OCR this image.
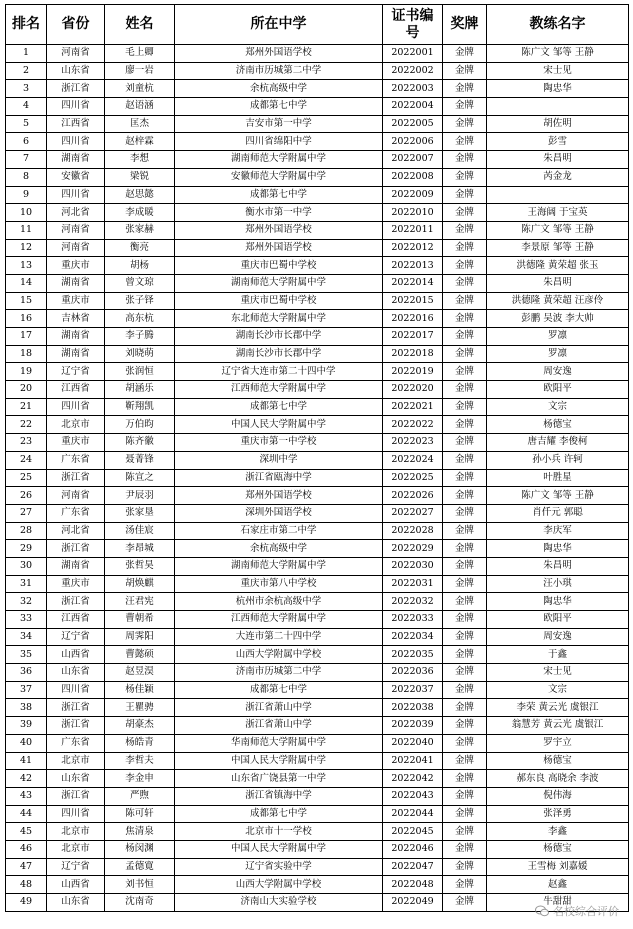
排名	省份	姓名	所在中学	证书编号	奖牌	教练名字
1	河南省	毛上卿	郑州外国语学校	2022001	金牌	陈广文 邹等 王静
2	山东省	廖一岩	济南市历城第二中学	2022002	金牌	宋士见
3	浙江省	刘童杭	余杭高级中学	2022003	金牌	陶忠华
4	四川省	赵语涵	成都第七中学	2022004	金牌	
5	江西省	匡杰	吉安市第一中学	2022005	金牌	胡佐明
6	四川省	赵梓霖	四川省绵阳中学	2022006	金牌	彭雪
7	湖南省	李想	湖南师范大学附属中学	2022007	金牌	朱昌明
8	安徽省	梁锐	安徽师范大学附属中学	2022008	金牌	芮金龙
9	四川省	赵思懿	成都第七中学	2022009	金牌	
10	河北省	李成暖	衡水市第一中学	2022010	金牌	王海阔 于宝英
11	河南省	张家赫	郑州外国语学校	2022011	金牌	陈广文 邹等 王静
12	河南省	衡亮	郑州外国语学校	2022012	金牌	李景原 邹等 王静
13	重庆市	胡杨	重庆市巴蜀中学校	2022013	金牌	洪德隆 黄荣超 张玉
14	湖南省	曾文琼	湖南师范大学附属中学	2022014	金牌	朱昌明
15	重庆市	张子铎	重庆市巴蜀中学校	2022015	金牌	洪德隆 黄荣超 汪彦伶
16	吉林省	高东杭	东北师范大学附属中学	2022016	金牌	彭鹏 吴波 李大帅
17	湖南省	李子腾	湖南长沙市长郡中学	2022017	金牌	罗凛
18	湖南省	刘晓萌	湖南长沙市长郡中学	2022018	金牌	罗凛
19	辽宁省	张润恒	辽宁省大连市第二十四中学	2022019	金牌	周安逸
20	江西省	胡涵乐	江西师范大学附属中学	2022020	金牌	欧阳平
21	四川省	靳翔凯	成都第七中学	2022021	金牌	文宗
22	北京市	万伯昀	中国人民大学附属中学	2022022	金牌	杨德宝
23	重庆市	陈齐徽	重庆市第一中学校	2022023	金牌	唐吉耀 李俊柯
24	广东省	聂菁锋	深圳中学	2022024	金牌	孙小兵 许轲
25	浙江省	陈宣之	浙江省瓯海中学	2022025	金牌	叶胜星
26	河南省	尹辰羽	郑州外国语学校	2022026	金牌	陈广文 邹等 王静
27	广东省	张家垦	深圳外国语学校	2022027	金牌	肖仟元 郭聪
28	河北省	汤佳宸	石家庄市第二中学	2022028	金牌	李庆军
29	浙江省	李昂城	余杭高级中学	2022029	金牌	陶忠华
30	湖南省	张哲昊	湖南师范大学附属中学	2022030	金牌	朱昌明
31	重庆市	胡焕麒	重庆市第八中学校	2022031	金牌	汪小琪
32	浙江省	汪君宪	杭州市余杭高级中学	2022032	金牌	陶忠华
33	江西省	曹朝希	江西师范大学附属中学	2022033	金牌	欧阳平
34	辽宁省	周霁阳	大连市第二十四中学	2022034	金牌	周安逸
35	山西省	曹懿硕	山西大学附属中学校	2022035	金牌	于鑫
36	山东省	赵昱淏	济南市历城第二中学	2022036	金牌	宋士见
37	四川省	杨佳颖	成都第七中学	2022037	金牌	文宗
38	浙江省	王瞿骋	浙江省萧山中学	2022038	金牌	李荣 黄云光 虞银江
39	浙江省	胡豪杰	浙江省萧山中学	2022039	金牌	翁慧芳 黄云光 虞银江
40	广东省	杨皓青	华南师范大学附属中学	2022040	金牌	罗宇立
41	北京市	李哲夫	中国人民大学附属中学	2022041	金牌	杨德宝
42	山东省	李金申	山东省广饶县第一中学	2022042	金牌	郝东良 高晓余 李波
43	浙江省	严煦	浙江省镇海中学	2022043	金牌	倪伟海
44	四川省	陈可轩	成都第七中学	2022044	金牌	张泽勇
45	北京市	焦清泉	北京市十一学校	2022045	金牌	李鑫
46	北京市	杨闵渊	中国人民大学附属中学	2022046	金牌	杨德宝
47	辽宁省	孟德寛	辽宁省实验中学	2022047	金牌	王雪梅 刘嘉媛
48	山西省	刘书恒	山西大学附属中学校	2022048	金牌	赵鑫
49	山东省	沈南奇	济南山大实验学校	2022049	金牌	牛甜甜
名校综合评价
